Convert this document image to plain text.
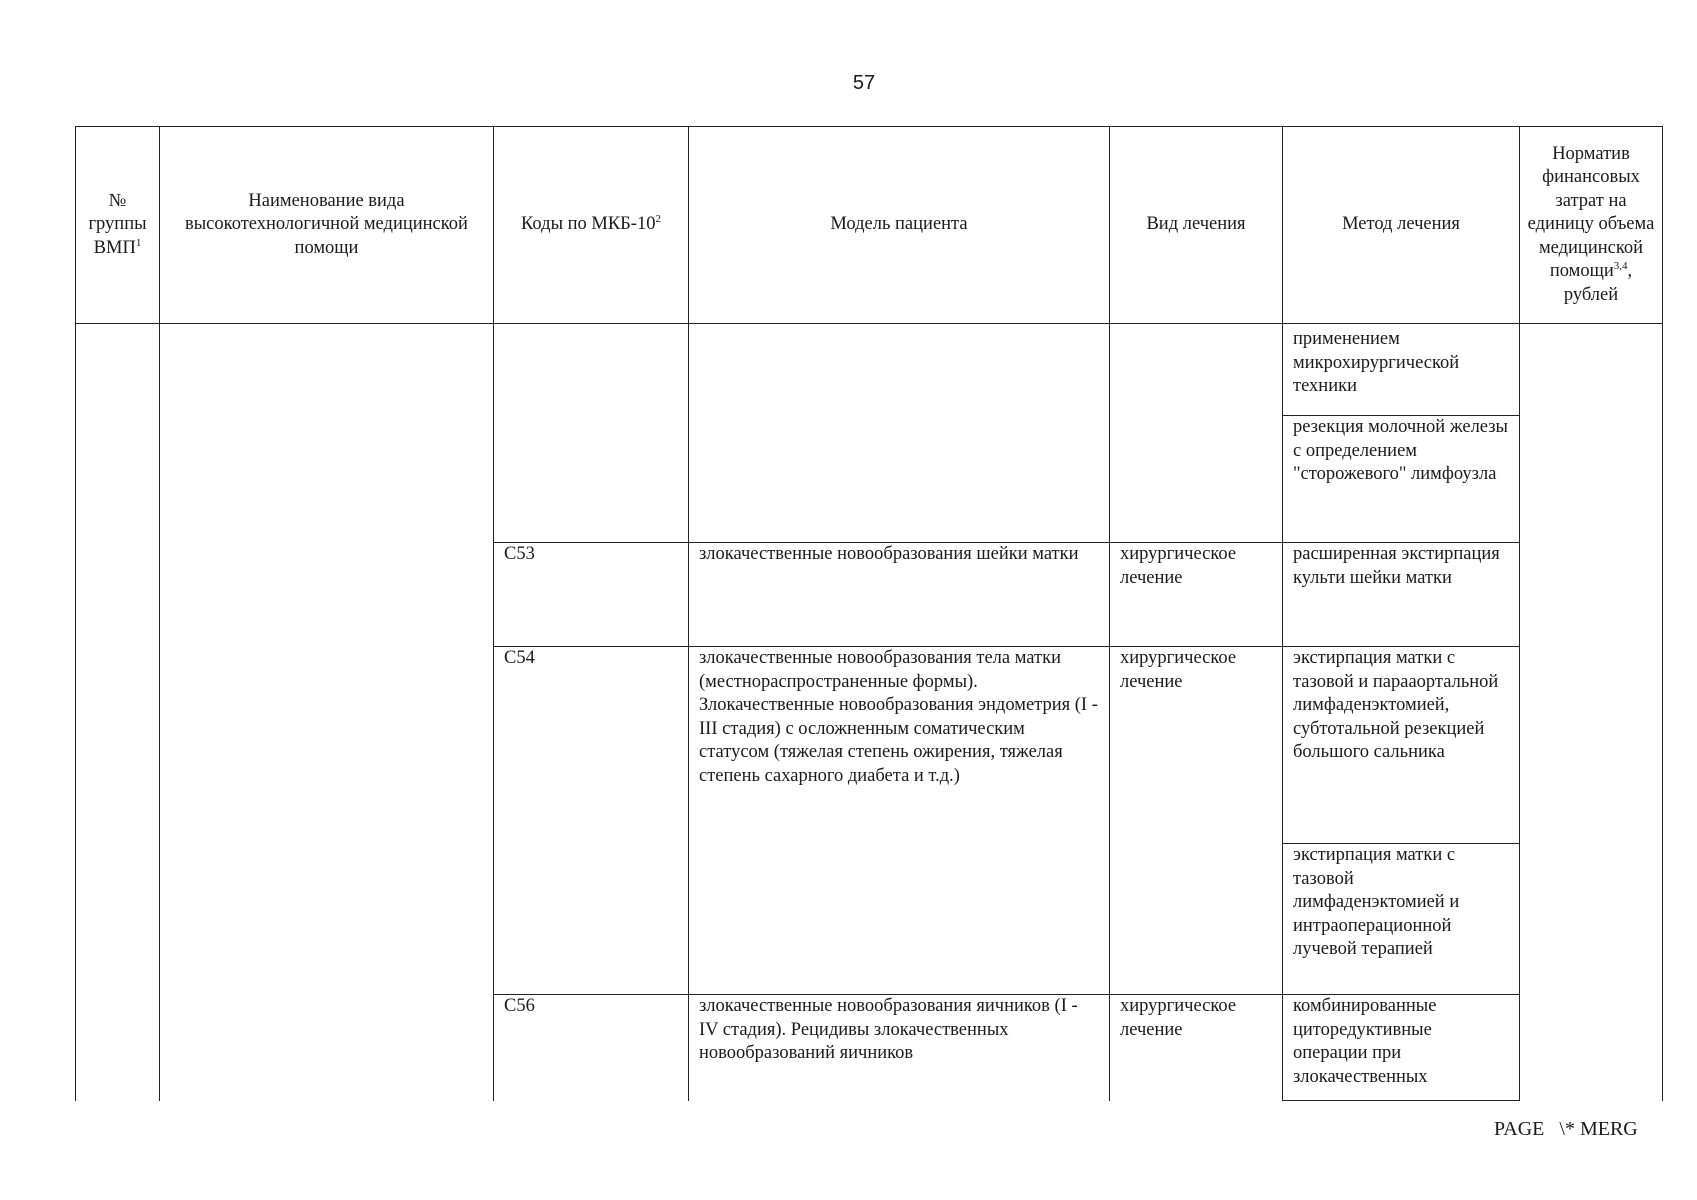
57
№ группы ВМП$^1$	Наименование вида высокотехнологичной медицинской помощи	Коды по МКБ-$10^2$	Модель пациента	Вид лечения	Метод лечения	Норматив финансовых затрат на единицу объема медицинской помощи$^{3,4}$, рублей
					применением микрохирургической техники	
					резекция молочной железы с определением "сторожевого" лимфоузла	
		C53	злокачественные новообразования шейки матки	хирургическое лечение	расширенная экстирпация культи шейки матки	
		C54	злокачественные новообразования тела матки (местнораспространенные формы). Злокачественные новообразования эндометрия (I - III стадия) с осложненным соматическим статусом (тяжелая степень ожирения, тяжелая степень сахарного диабета и т.д.)	хирургическое лечение	экстирпация матки с тазовой и парааортальной лимфаденэктомией, субтотальной резекцией большого сальника	
					экстирпация матки с тазовой лимфаденэктомией и интраоперационной лучевой терапией	
		C56	злокачественные новообразования яичников (I - IV стадия). Рецидивы злокачественных новообразований яичников	хирургическое лечение	комбинированные циторедуктивные операции при злокачественных	
PAGE   \* MERG
